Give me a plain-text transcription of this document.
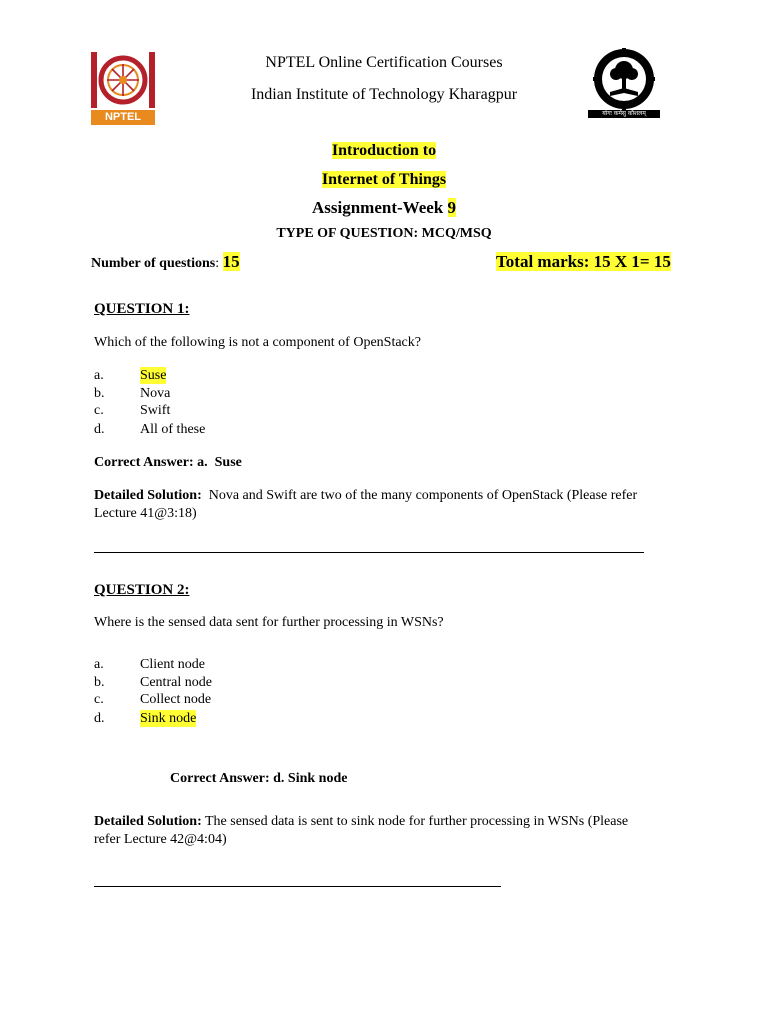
NPTEL	योगः कर्मसु कौशलम्
NPTEL Online Certification Courses
Indian Institute of Technology Kharagpur
Introduction to
Internet of Things
Assignment-Week 9
TYPE OF QUESTION: MCQ/MSQ
Number of questions: 15	Total marks: 15 X 1= 15
QUESTION 1:
Which of the following is not a component of OpenStack?
a.	Suse
b.	Nova
c.	Swift
d.	All of these
Correct Answer: a.  Suse
Detailed Solution:  Nova and Swift are two of the many components of OpenStack (Please refer
Lecture 41@3:18)
QUESTION 2:
Where is the sensed data sent for further processing in WSNs?
a.	Client node
b.	Central node
c.	Collect node
d.	Sink node
Correct Answer: d. Sink node
Detailed Solution: The sensed data is sent to sink node for further processing in WSNs (Please
refer Lecture 42@4:04)
